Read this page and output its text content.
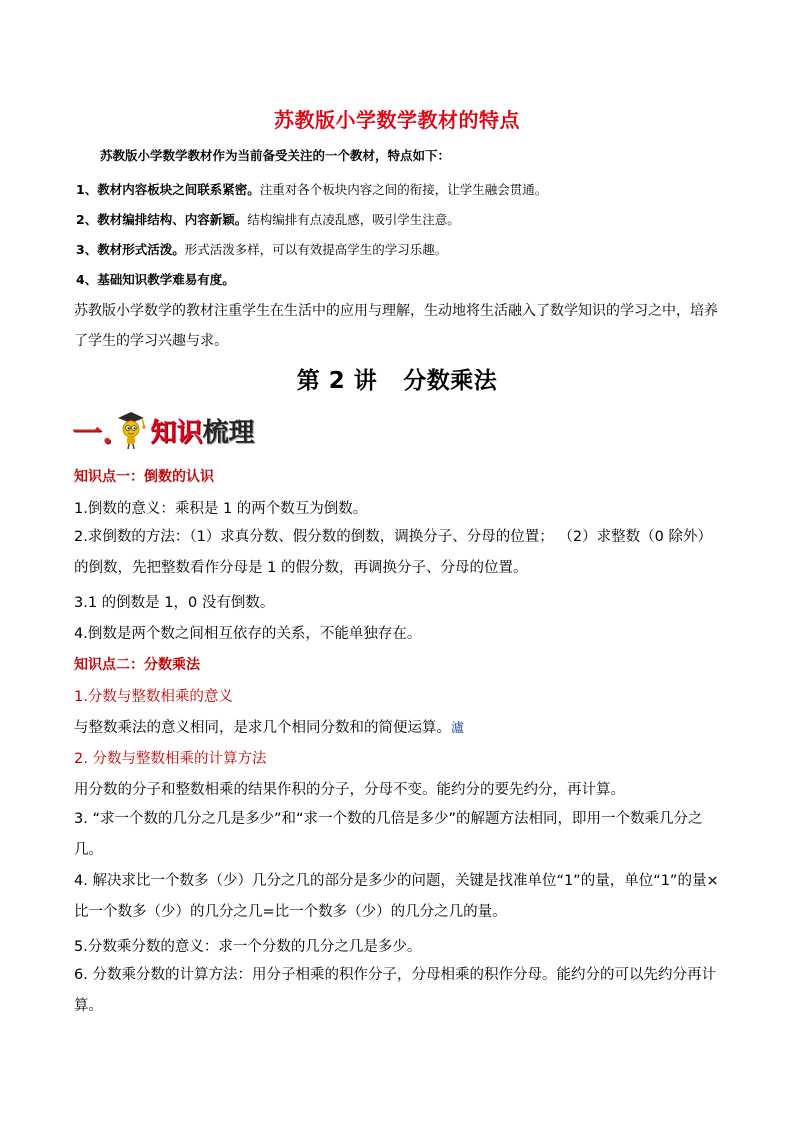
苏教版小学数学教材的特点
苏教版小学数学教材作为当前备受关注的一个教材，特点如下：
1、教材内容板块之间联系紧密。注重对各个板块内容之间的衔接，让学生融会贯通。
2、教材编排结构、内容新颖。结构编排有点凌乱感，吸引学生注意。
3、教材形式活泼。形式活泼多样，可以有效提高学生的学习乐趣。
4、基础知识教学难易有度。
苏教版小学数学的教材注重学生在生活中的应用与理解，生动地将生活融入了数学知识的学习之中，培养了学生的学习兴趣与求。
第 2 讲 分数乘法
一. 知识 梳理
知识点一：倒数的认识
1.倒数的意义：乘积是 1 的两个数互为倒数。
2.求倒数的方法：（1）求真分数、假分数的倒数，调换分子、分母的位置； （2）求整数（0 除外）的倒数，先把整数看作分母是 1 的假分数，再调换分子、分母的位置。
3.1 的倒数是 1，0 没有倒数。
4.倒数是两个数之间相互依存的关系，不能单独存在。
知识点二：分数乘法
1.分数与整数相乘的意义
与整数乘法的意义相同，是求几个相同分数和的简便运算。瀘
2. 分数与整数相乘的计算方法
用分数的分子和整数相乘的结果作积的分子，分母不变。能约分的要先约分，再计算。
3. “求一个数的几分之几是多少”和“求一个数的几倍是多少”的解题方法相同，即用一个数乘几分之几。
4. 解决求比一个数多（少）几分之几的部分是多少的问题，关键是找准单位“1”的量，单位“1”的量×比一个数多（少）的几分之几=比一个数多（少）的几分之几的量。
5.分数乘分数的意义：求一个分数的几分之几是多少。
6. 分数乘分数的计算方法：用分子相乘的积作分子，分母相乘的积作分母。能约分的可以先约分再计算。
